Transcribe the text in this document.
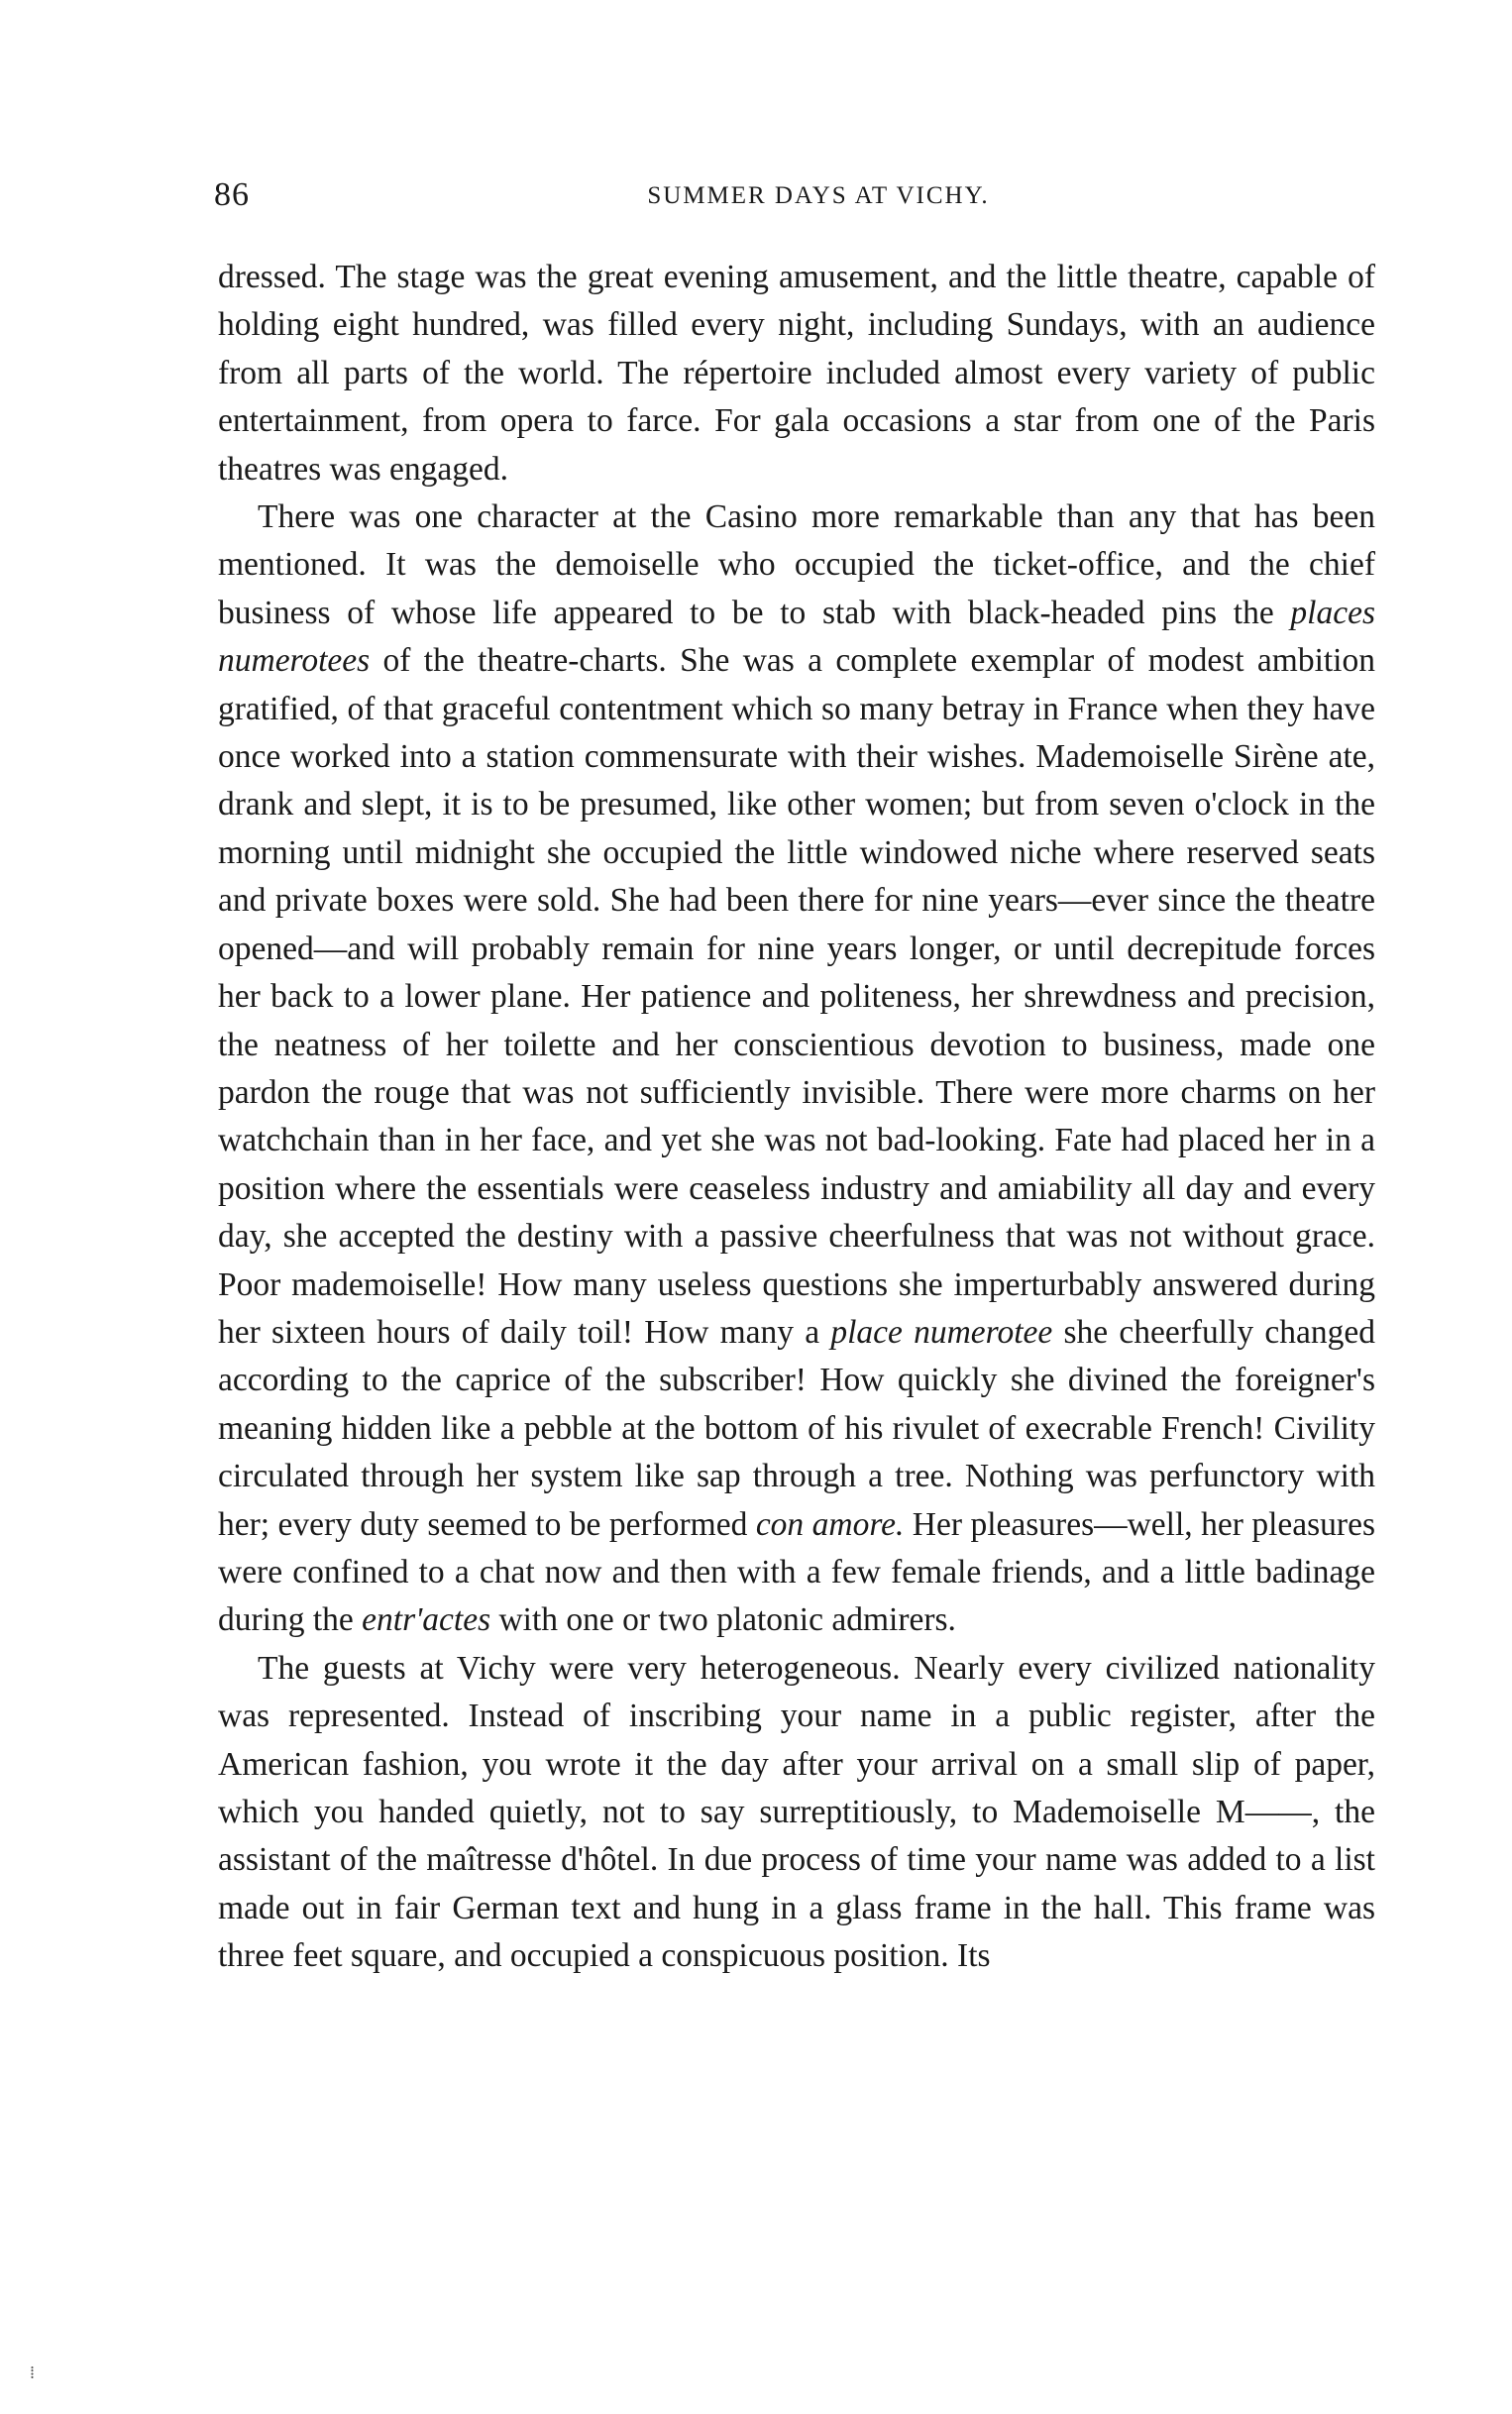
86	SUMMER DAYS AT VICHY.

dressed. The stage was the great evening amusement, and the little theatre, capable of holding eight hundred, was filled every night, including Sundays, with an audience from all parts of the world. The répertoire included almost every variety of public entertainment, from opera to farce. For gala occasions a star from one of the Paris theatres was engaged.

There was one character at the Casino more remarkable than any that has been mentioned. It was the demoiselle who occupied the ticket-office, and the chief business of whose life appeared to be to stab with black-headed pins the places numerotees of the theatre-charts. She was a complete exemplar of modest ambition gratified, of that graceful contentment which so many betray in France when they have once worked into a station commensurate with their wishes. Mademoiselle Sirène ate, drank and slept, it is to be presumed, like other women; but from seven o'clock in the morning until midnight she occupied the little windowed niche where reserved seats and private boxes were sold. She had been there for nine years—ever since the theatre opened—and will probably remain for nine years longer, or until decrepitude forces her back to a lower plane. Her patience and politeness, her shrewdness and precision, the neatness of her toilette and her conscientious devotion to business, made one pardon the rouge that was not sufficiently invisible. There were more charms on her watchchain than in her face, and yet she was not bad-looking. Fate had placed her in a position where the essentials were ceaseless industry and amiability all day and every day, she accepted the destiny with a passive cheerfulness that was not without grace. Poor mademoiselle! How many useless questions she imperturbably answered during her sixteen hours of daily toil! How many a place numerotee she cheerfully changed according to the caprice of the subscriber! How quickly she divined the foreigner's meaning hidden like a pebble at the bottom of his rivulet of execrable French! Civility circulated through her system like sap through a tree. Nothing was perfunctory with her; every duty seemed to be performed con amore. Her pleasures—well, her pleasures were confined to a chat now and then with a few female friends, and a little badinage during the entr'actes with one or two platonic admirers.

The guests at Vichy were very heterogeneous. Nearly every civilized nationality was represented. Instead of inscribing your name in a public register, after the American fashion, you wrote it the day after your arrival on a small slip of paper, which you handed quietly, not to say surreptitiously, to Mademoiselle M——, the assistant of the maîtresse d'hôtel. In due process of time your name was added to a list made out in fair German text and hung in a glass frame in the hall. This frame was three feet square, and occupied a conspicuous position. Its

⁞
